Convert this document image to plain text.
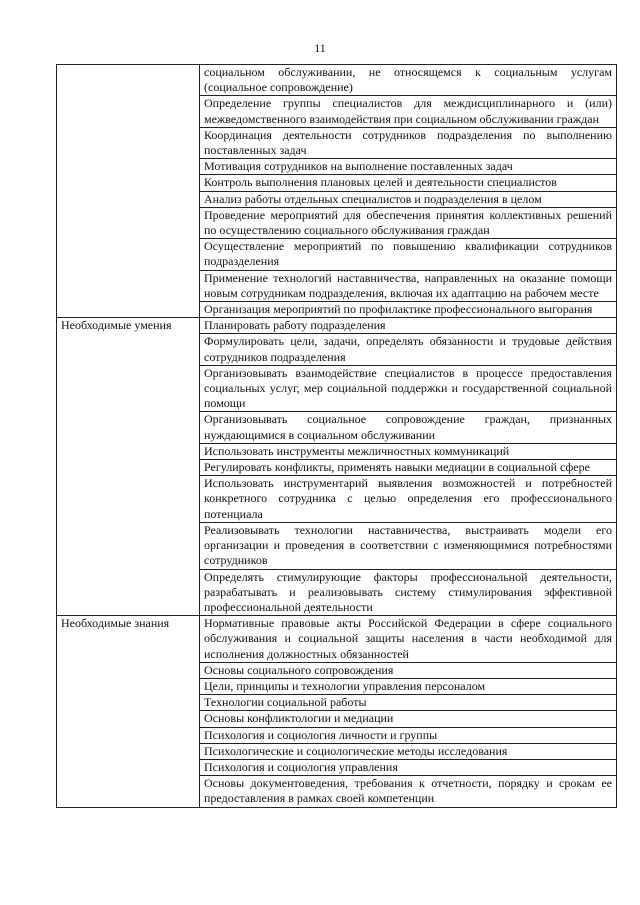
11
	социальном обслуживании, не относящемся к социальным услугам (социальное сопровождение)
	Определение группы специалистов для междисциплинарного и (или) межведомственного взаимодействия при социальном обслуживании граждан
	Координация деятельности сотрудников подразделения по выполнению поставленных задач
	Мотивация сотрудников на выполнение поставленных задач
	Контроль выполнения плановых целей и деятельности специалистов
	Анализ работы отдельных специалистов и подразделения в целом
	Проведение мероприятий для обеспечения принятия коллективных решений по осуществлению социального обслуживания граждан
	Осуществление мероприятий по повышению квалификации сотрудников подразделения
	Применение технологий наставничества, направленных на оказание помощи новым сотрудникам подразделения, включая их адаптацию на рабочем месте
	Организация мероприятий по профилактике профессионального выгорания
Необходимые умения	Планировать работу подразделения
	Формулировать цели, задачи, определять обязанности и трудовые действия сотрудников подразделения
	Организовывать взаимодействие специалистов в процессе предоставления социальных услуг, мер социальной поддержки и государственной социальной помощи
	Организовывать социальное сопровождение граждан, признанных нуждающимися в социальном обслуживании
	Использовать инструменты межличностных коммуникаций
	Регулировать конфликты, применять навыки медиации в социальной сфере
	Использовать инструментарий выявления возможностей и потребностей конкретного сотрудника с целью определения его профессионального потенциала
	Реализовывать технологии наставничества, выстраивать модели его организации и проведения в соответствии с изменяющимися потребностями сотрудников
	Определять стимулирующие факторы профессиональной деятельности, разрабатывать и реализовывать систему стимулирования эффективной профессиональной деятельности
Необходимые знания	Нормативные правовые акты Российской Федерации в сфере социального обслуживания и социальной защиты населения в части необходимой для исполнения должностных обязанностей
	Основы социального сопровождения
	Цели, принципы и технологии управления персоналом
	Технологии социальной работы
	Основы конфликтологии и медиации
	Психология и социология личности и группы
	Психологические и социологические методы исследования
	Психология и социология управления
	Основы документоведения, требования к отчетности, порядку и срокам ее предоставления в рамках своей компетенции
